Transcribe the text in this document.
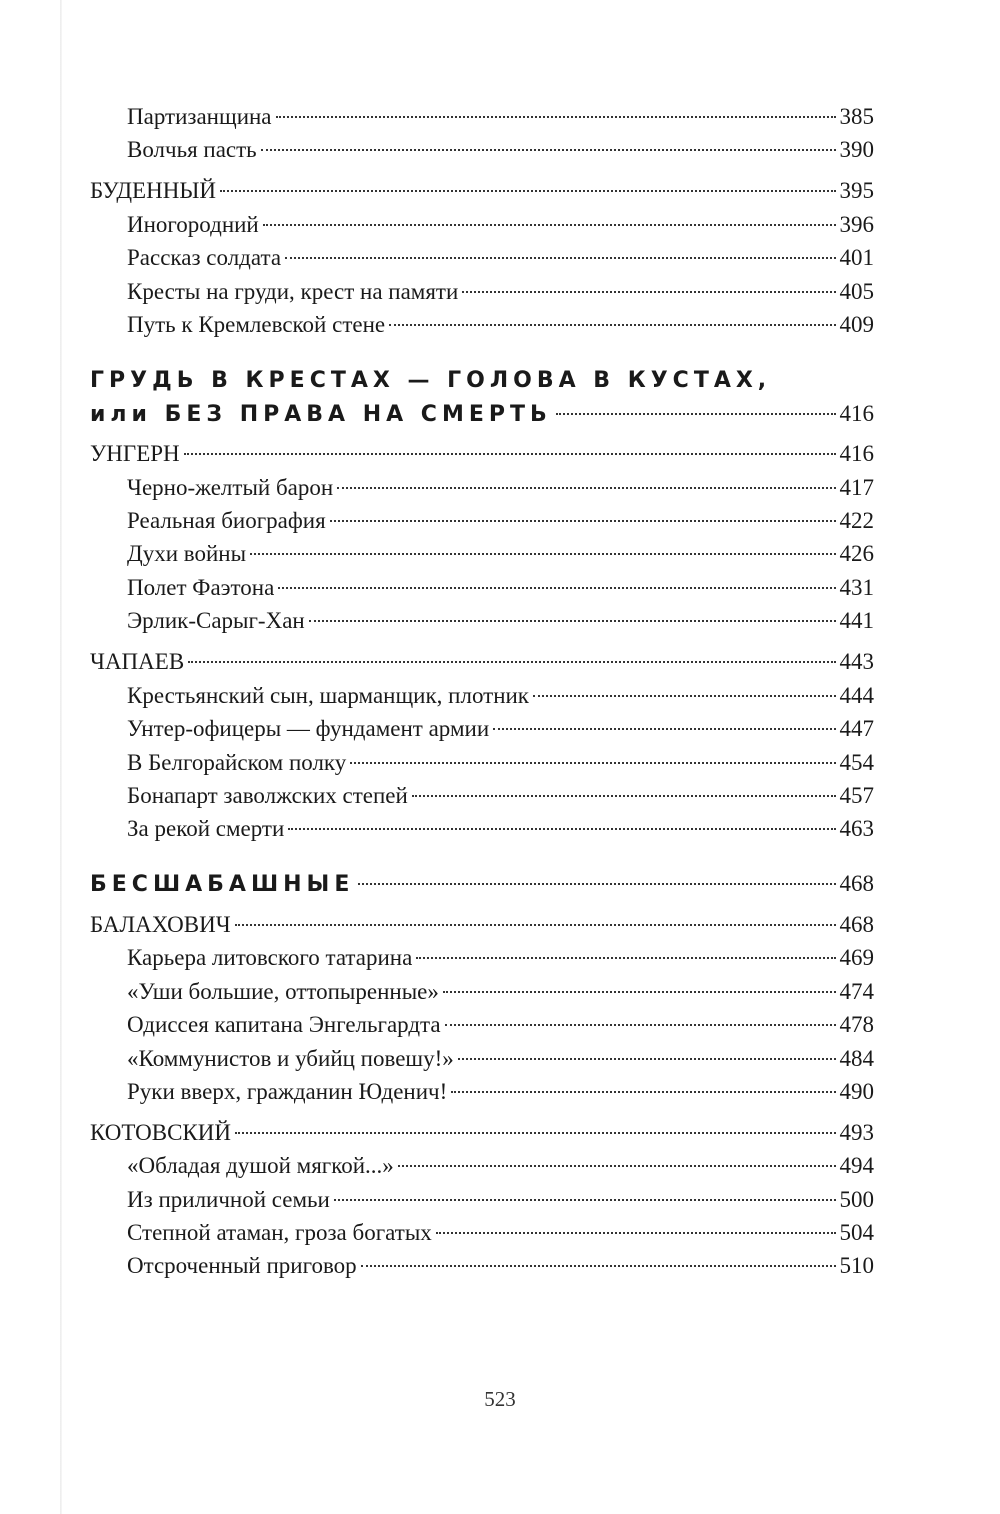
Партизанщина	385
Волчья пасть	390
БУДЕННЫЙ	395
Иногородний	396
Рассказ солдата	401
Кресты на груди, крест на памяти	405
Путь к Кремлевской стене	409
ГРУДЬ В КРЕСТАХ — ГОЛОВА В КУСТАХ,
или БЕЗ ПРАВА НА СМЕРТЬ	416
УНГЕРН	416
Черно-желтый барон	417
Реальная биография	422
Духи войны	426
Полет Фаэтона	431
Эрлик-Сарыг-Хан	441
ЧАПАЕВ	443
Крестьянский сын, шарманщик, плотник	444
Унтер-офицеры — фундамент армии	447
В Белгорайском полку	454
Бонапарт заволжских степей	457
За рекой смерти	463
БЕСШАБАШНЫЕ	468
БАЛАХОВИЧ	468
Карьера литовского татарина	469
«Уши большие, оттопыренные»	474
Одиссея капитана Энгельгардта	478
«Коммунистов и убийц повешу!»	484
Руки вверх, гражданин Юденич!	490
КОТОВСКИЙ	493
«Обладая душой мягкой...»	494
Из приличной семьи	500
Степной атаман, гроза богатых	504
Отсроченный приговор	510
523
